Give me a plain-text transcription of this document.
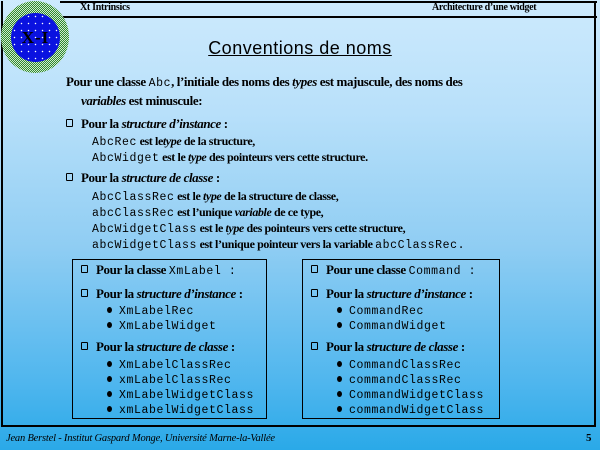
Xt Intrinsics	Architecture d’une widget
X-I
Conventions de noms
Pour une classe Abc, l’initiale des noms des types est majuscule, des noms des
variables est minuscule:
Pour la structure d’instance :
AbcRec est letype de la structure,
AbcWidget est le type des pointeurs vers cette structure.
Pour la structure de classe :
AbcClassRec est le type de la structure de classe,
abcClassRec est l’unique variable de ce type,
AbcWidgetClass est le type des pointeurs vers cette structure,
abcWidgetClass est l’unique pointeur vers la variable abcClassRec.
Pour la classe XmLabel :
Pour la structure d’instance :
XmLabelRec
XmLabelWidget
Pour la structure de classe :
XmLabelClassRec
xmLabelClassRec
XmLabelWidgetClass
xmLabelWidgetClass
Pour une classe Command :
Pour la structure d’instance :
CommandRec
CommandWidget
Pour la structure de classe :
CommandClassRec
commandClassRec
CommandWidgetClass
commandWidgetClass
Jean Berstel - Institut Gaspard Monge, Université Marne-la-Vallée	5
